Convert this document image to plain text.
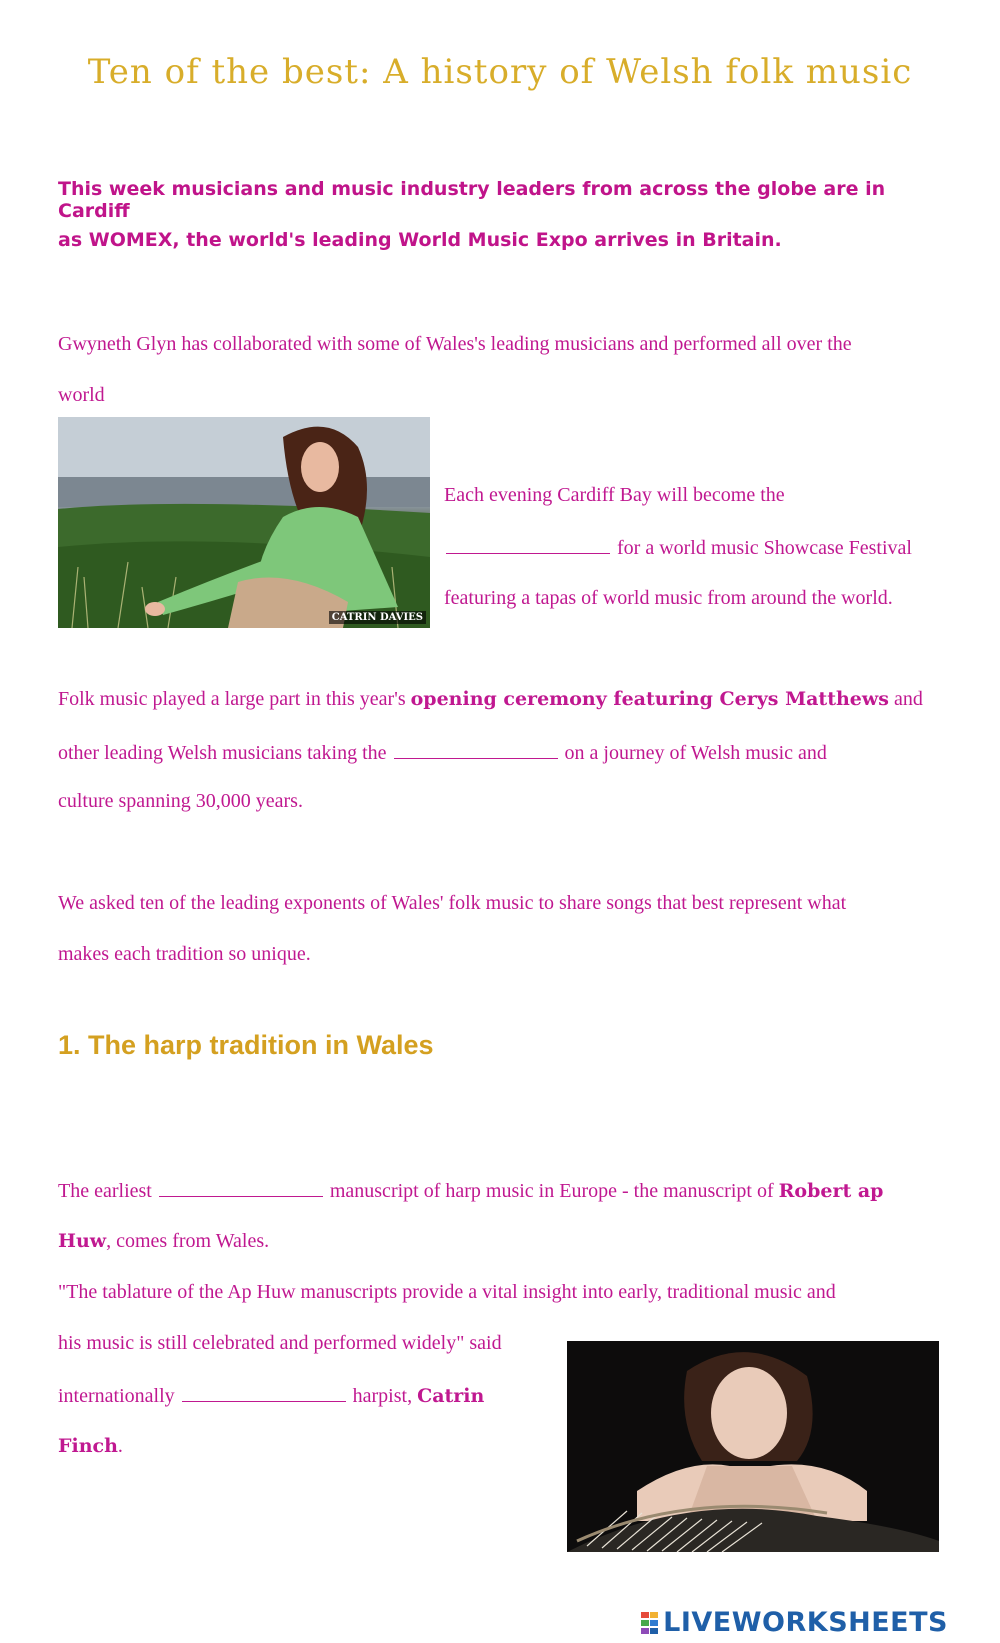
Ten of the best: A history of Welsh folk music
This week musicians and music industry leaders from across the globe are in Cardiff
as WOMEX, the world's leading World Music Expo arrives in Britain.
Gwyneth Glyn has collaborated with some of Wales's leading musicians and performed all over the
world
CATRIN DAVIES
Each evening Cardiff Bay will become the
for a world music Showcase Festival
featuring a tapas of world music from around the world.
Folk music played a large part in this year's opening ceremony featuring Cerys Matthews and
other leading Welsh musicians taking the	on a journey of Welsh music and
culture spanning 30,000 years.
We asked ten of the leading exponents of Wales' folk music to share songs that best represent what
makes each tradition so unique.
1. The harp tradition in Wales
The earliest	manuscript of harp music in Europe - the manuscript of Robert ap
Huw, comes from Wales.
"The tablature of the Ap Huw manuscripts provide a vital insight into early, traditional music and
his music is still celebrated and performed widely" said
internationally	harpist, Catrin
Finch.
LIVEWORKSHEETS
